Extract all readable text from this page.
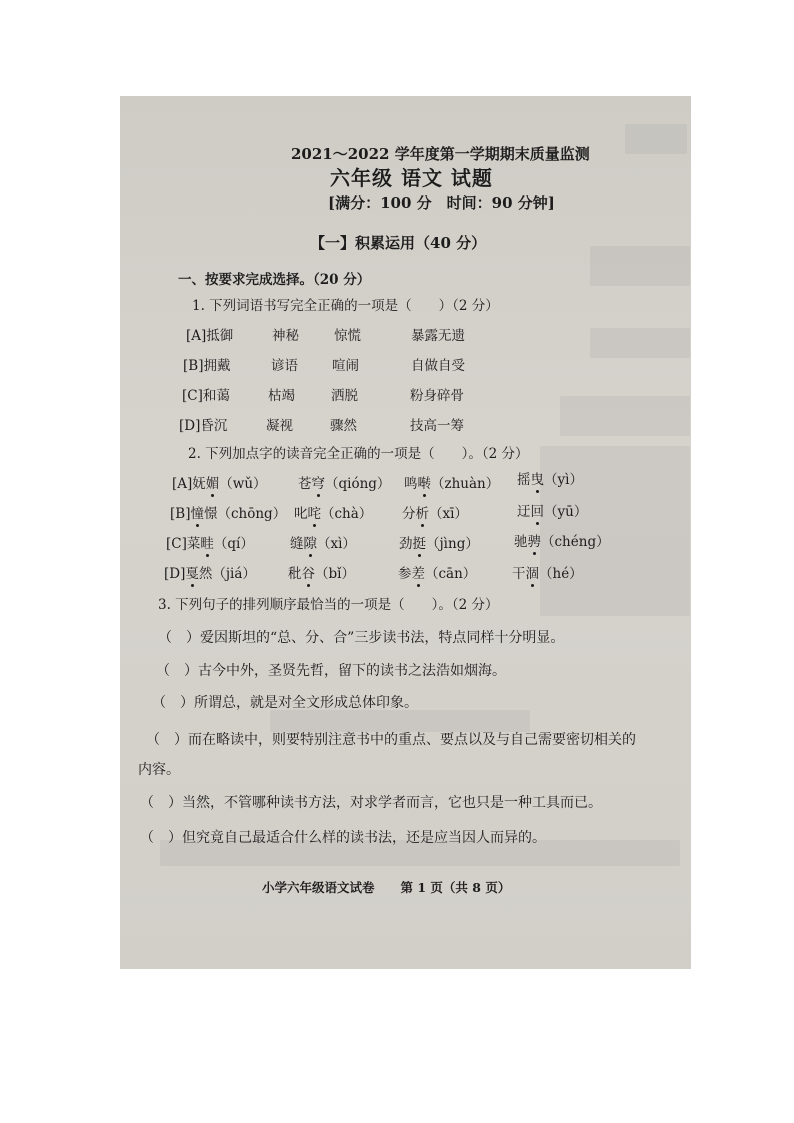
2021～2022 学年度第一学期期末质量监测
六年级 语文 试题
[满分：100 分　时间：90 分钟]
【一】积累运用（40 分）
一、按要求完成选择。（20 分）
1. 下列词语书写完全正确的一项是（　　）（2 分）
[A]抵御	神秘	惊慌	暴露无遗
[B]拥戴	谚语	喧闹	自做自受
[C]和蔼	枯竭	洒脱	粉身碎骨
[D]昏沉	凝视	骤然	技高一筹
2. 下列加点字的读音完全正确的一项是（　　）。（2 分）
[A]妩媚（wǔ） 苍穹（qióng） 鸣啭（zhuàn） 摇曳（yì）
[B]憧憬（chōng） 叱咤（chà） 分析（xī）	迂回（yū）
[C]菜畦（qí）	缝隙（xì）	劲挺（jìng）	驰骋（chéng）
[D]戛然（jiá） 秕谷（bǐ）	参差（cān）	干涸（hé）
3. 下列句子的排列顺序最恰当的一项是（　　）。（2 分）
（　）爱因斯坦的“总、分、合”三步读书法，特点同样十分明显。
（　）古今中外，圣贤先哲，留下的读书之法浩如烟海。
（　）所谓总，就是对全文形成总体印象。
（　）而在略读中，则要特别注意书中的重点、要点以及与自己需要密切相关的
内容。
（　）当然，不管哪种读书方法，对求学者而言，它也只是一种工具而已。
（　）但究竟自己最适合什么样的读书法，还是应当因人而异的。
小学六年级语文试卷 第 1 页（共 8 页）
